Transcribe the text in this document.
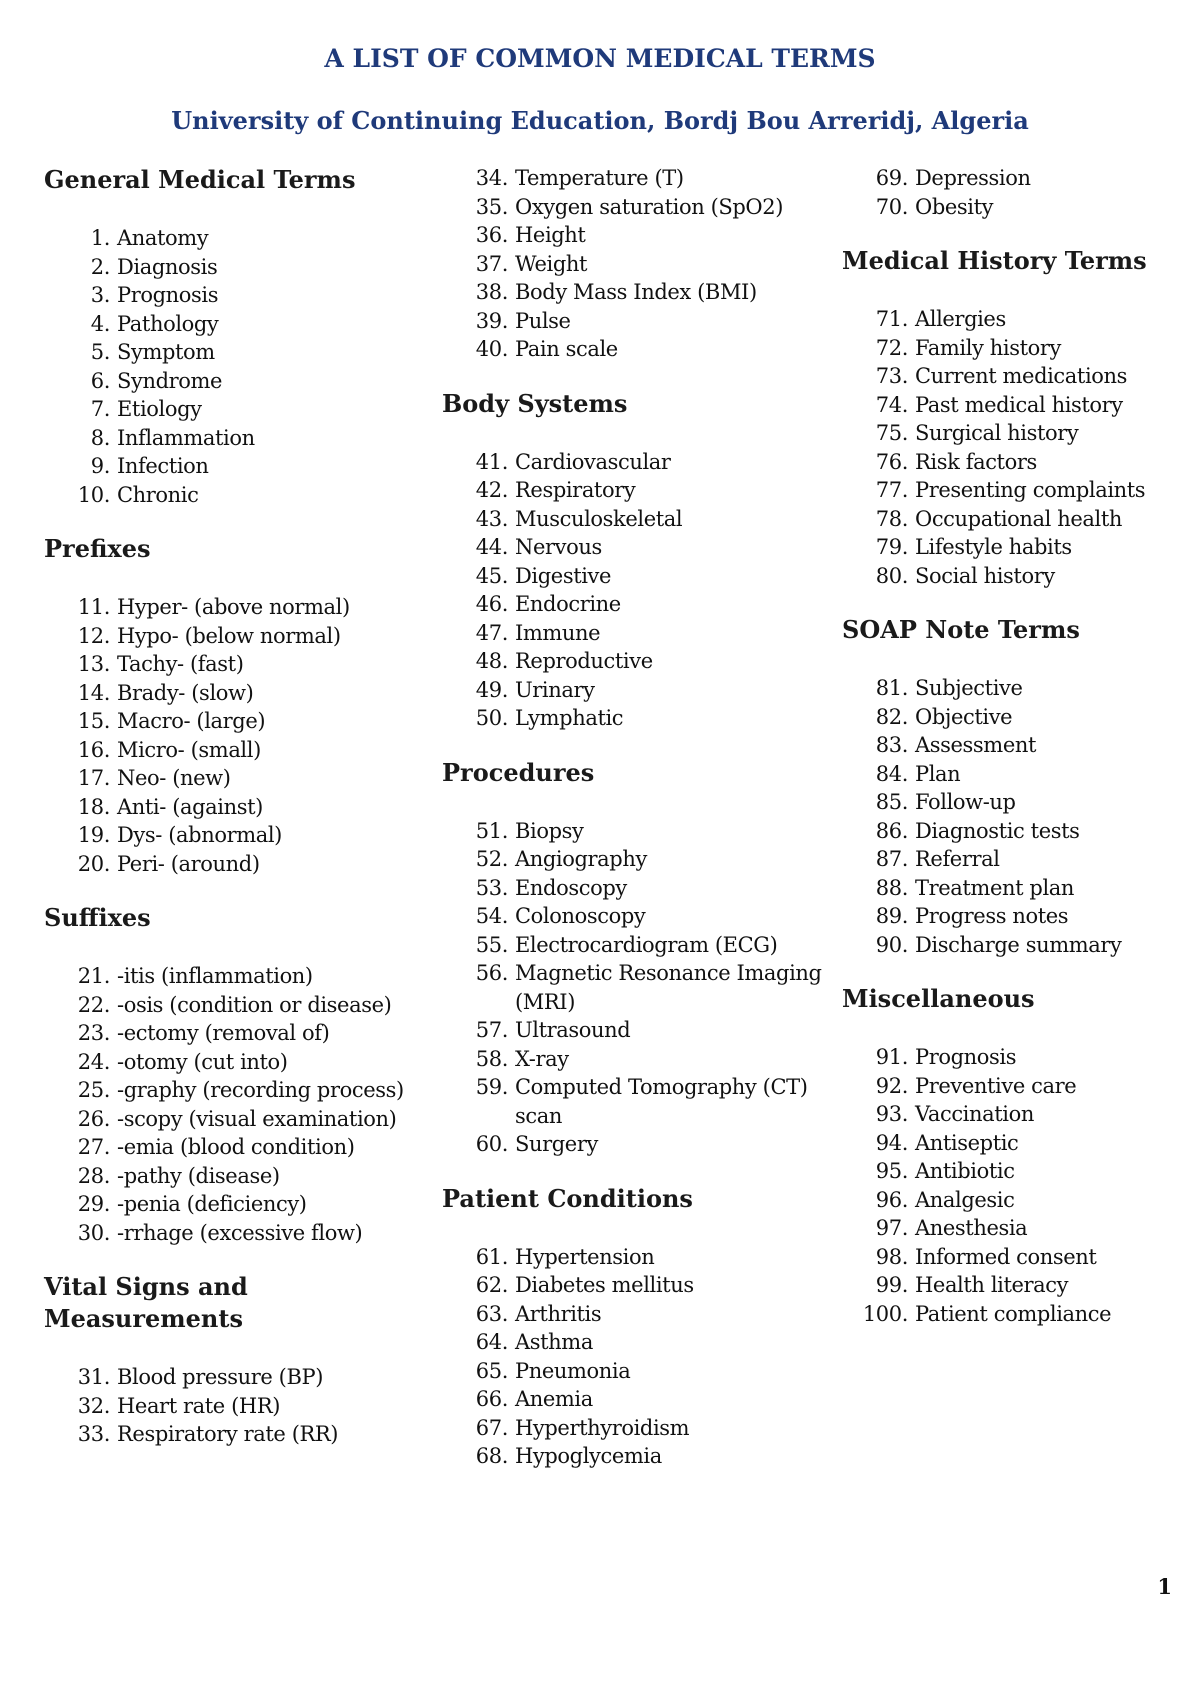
A LIST OF COMMON MEDICAL TERMS
University of Continuing Education, Bordj Bou Arreridj, Algeria
General Medical Terms
1. Anatomy
2. Diagnosis
3. Prognosis
4. Pathology
5. Symptom
6. Syndrome
7. Etiology
8. Inflammation
9. Infection
10. Chronic
Prefixes
11. Hyper- (above normal)
12. Hypo- (below normal)
13. Tachy- (fast)
14. Brady- (slow)
15. Macro- (large)
16. Micro- (small)
17. Neo- (new)
18. Anti- (against)
19. Dys- (abnormal)
20. Peri- (around)
Suffixes
21. -itis (inflammation)
22. -osis (condition or disease)
23. -ectomy (removal of)
24. -otomy (cut into)
25. -graphy (recording process)
26. -scopy (visual examination)
27. -emia (blood condition)
28. -pathy (disease)
29. -penia (deficiency)
30. -rrhage (excessive flow)
Vital Signs and Measurements
31. Blood pressure (BP)
32. Heart rate (HR)
33. Respiratory rate (RR)
34. Temperature (T)
35. Oxygen saturation (SpO2)
36. Height
37. Weight
38. Body Mass Index (BMI)
39. Pulse
40. Pain scale
Body Systems
41. Cardiovascular
42. Respiratory
43. Musculoskeletal
44. Nervous
45. Digestive
46. Endocrine
47. Immune
48. Reproductive
49. Urinary
50. Lymphatic
Procedures
51. Biopsy
52. Angiography
53. Endoscopy
54. Colonoscopy
55. Electrocardiogram (ECG)
56. Magnetic Resonance Imaging (MRI)
57. Ultrasound
58. X-ray
59. Computed Tomography (CT) scan
60. Surgery
Patient Conditions
61. Hypertension
62. Diabetes mellitus
63. Arthritis
64. Asthma
65. Pneumonia
66. Anemia
67. Hyperthyroidism
68. Hypoglycemia
69. Depression
70. Obesity
Medical History Terms
71. Allergies
72. Family history
73. Current medications
74. Past medical history
75. Surgical history
76. Risk factors
77. Presenting complaints
78. Occupational health
79. Lifestyle habits
80. Social history
SOAP Note Terms
81. Subjective
82. Objective
83. Assessment
84. Plan
85. Follow-up
86. Diagnostic tests
87. Referral
88. Treatment plan
89. Progress notes
90. Discharge summary
Miscellaneous
91. Prognosis
92. Preventive care
93. Vaccination
94. Antiseptic
95. Antibiotic
96. Analgesic
97. Anesthesia
98. Informed consent
99. Health literacy
100. Patient compliance
1
